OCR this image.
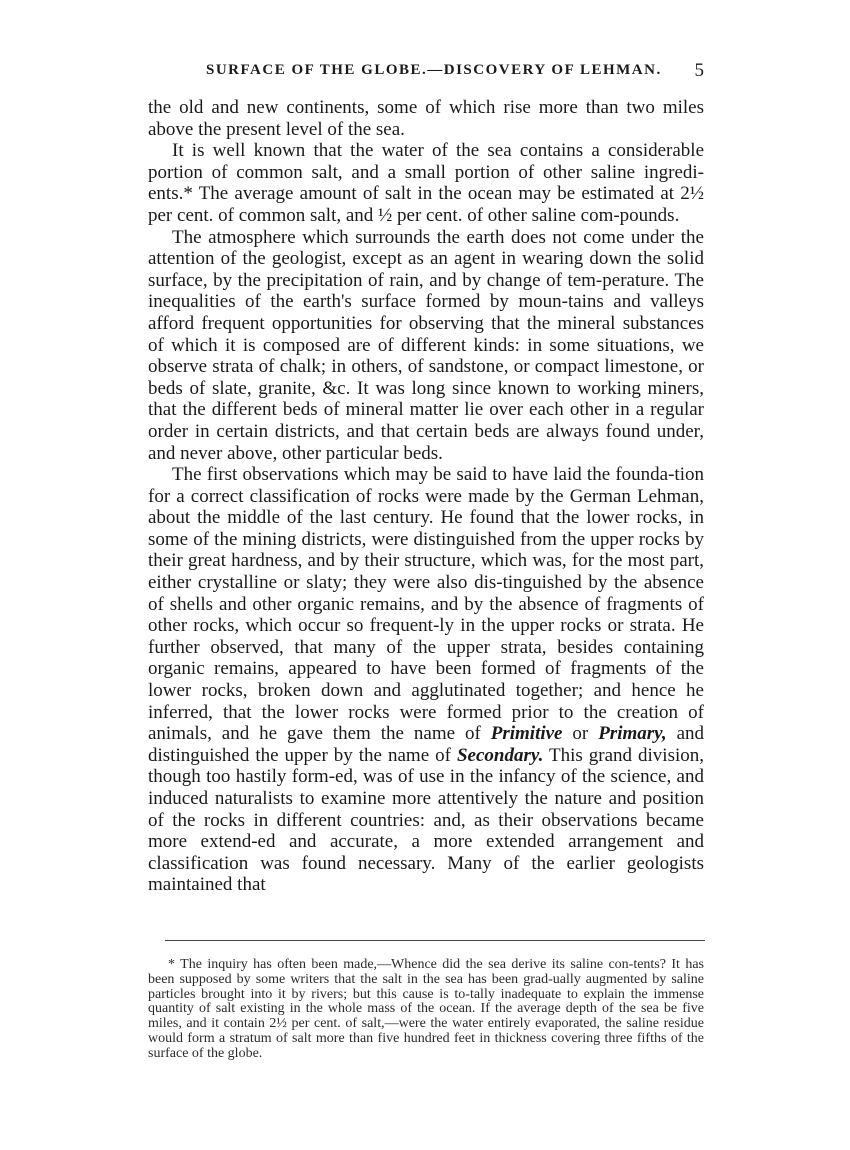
SURFACE OF THE GLOBE.—DISCOVERY OF LEHMAN. 5

the old and new continents, some of which rise more than two miles above the present level of the sea.

It is well known that the water of the sea contains a considerable portion of common salt, and a small portion of other saline ingredi-ents.* The average amount of salt in the ocean may be estimated at 2½ per cent. of common salt, and ½ per cent. of other saline com-pounds.

The atmosphere which surrounds the earth does not come under the attention of the geologist, except as an agent in wearing down the solid surface, by the precipitation of rain, and by change of tem-perature. The inequalities of the earth's surface formed by moun-tains and valleys afford frequent opportunities for observing that the mineral substances of which it is composed are of different kinds: in some situations, we observe strata of chalk; in others, of sandstone, or compact limestone, or beds of slate, granite, &c. It was long since known to working miners, that the different beds of mineral matter lie over each other in a regular order in certain districts, and that certain beds are always found under, and never above, other particular beds.

The first observations which may be said to have laid the founda-tion for a correct classification of rocks were made by the German Lehman, about the middle of the last century. He found that the lower rocks, in some of the mining districts, were distinguished from the upper rocks by their great hardness, and by their structure, which was, for the most part, either crystalline or slaty; they were also dis-tinguished by the absence of shells and other organic remains, and by the absence of fragments of other rocks, which occur so frequent-ly in the upper rocks or strata. He further observed, that many of the upper strata, besides containing organic remains, appeared to have been formed of fragments of the lower rocks, broken down and agglutinated together; and hence he inferred, that the lower rocks were formed prior to the creation of animals, and he gave them the name of Primitive or Primary, and distinguished the upper by the name of Secondary. This grand division, though too hastily form-ed, was of use in the infancy of the science, and induced naturalists to examine more attentively the nature and position of the rocks in different countries: and, as their observations became more extend-ed and accurate, a more extended arrangement and classification was found necessary. Many of the earlier geologists maintained that

* The inquiry has often been made,—Whence did the sea derive its saline con-tents? It has been supposed by some writers that the salt in the sea has been grad-ually augmented by saline particles brought into it by rivers; but this cause is to-tally inadequate to explain the immense quantity of salt existing in the whole mass of the ocean. If the average depth of the sea be five miles, and it contain 2½ per cent. of salt,—were the water entirely evaporated, the saline residue would form a stratum of salt more than five hundred feet in thickness covering three fifths of the surface of the globe.
